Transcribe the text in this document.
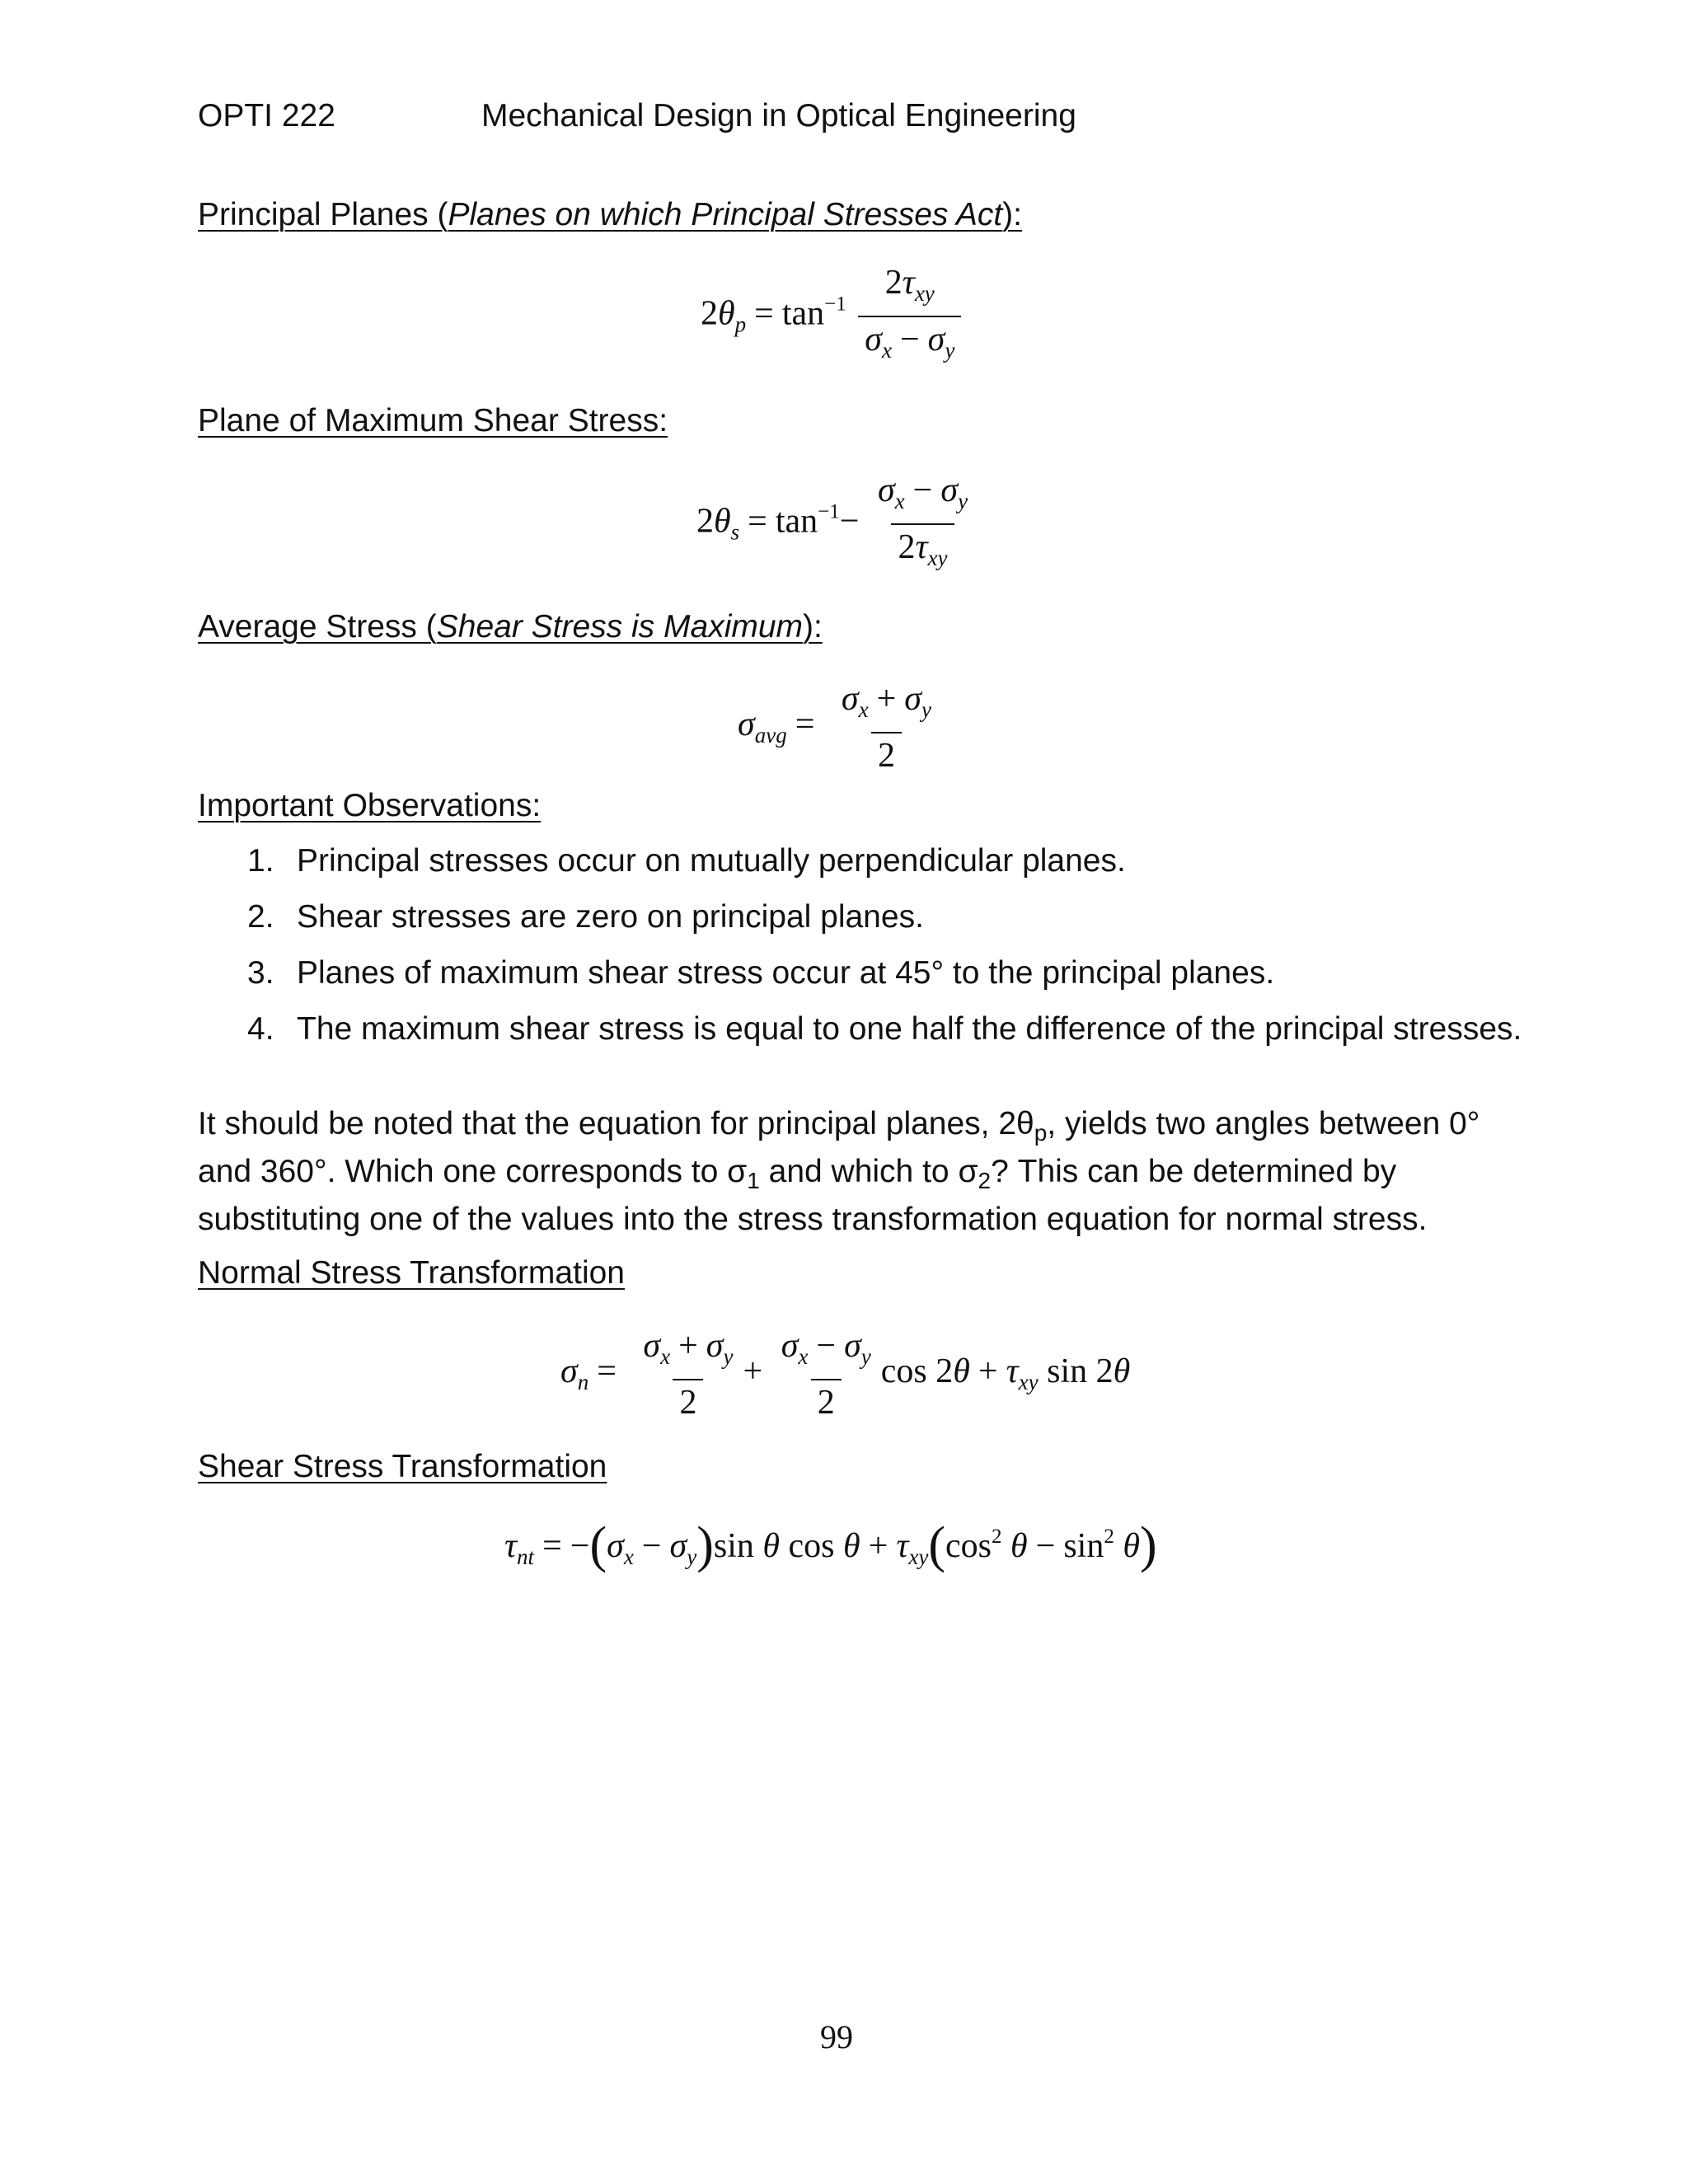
OPTI 222	Mechanical Design in Optical Engineering
Principal Planes (Planes on which Principal Stresses Act):
$2\theta_p = \tan^{-1} \frac{2\tau_{xy}}{\sigma_x - \sigma_y}$
Plane of Maximum Shear Stress:
$2\theta_s = \tan^{-1}- \frac{\sigma_x - \sigma_y}{2\tau_{xy}}$
Average Stress (Shear Stress is Maximum):
$\sigma_{avg} = \frac{\sigma_x + \sigma_y}{2}$
Important Observations:
1. Principal stresses occur on mutually perpendicular planes.
2. Shear stresses are zero on principal planes.
3. Planes of maximum shear stress occur at 45° to the principal planes.
4. The maximum shear stress is equal to one half the difference of the principal stresses.
It should be noted that the equation for principal planes, $2\theta_p$, yields two angles between 0° and 360°. Which one corresponds to $\sigma_1$ and which to $\sigma_2$? This can be determined by substituting one of the values into the stress transformation equation for normal stress.
Normal Stress Transformation
$\sigma_n = \frac{\sigma_x + \sigma_y}{2} + \frac{\sigma_x - \sigma_y}{2}$ $\cos 2\theta + \tau_{xy}$ sin 2θ
Shear Stress Transformation
$\tau_{nt} = -(\sigma_x - \sigma_y)\sin$ θ $\cos \theta + \tau_{xy}(\cos^2$ $\theta - \sin^2 \theta$)
99
